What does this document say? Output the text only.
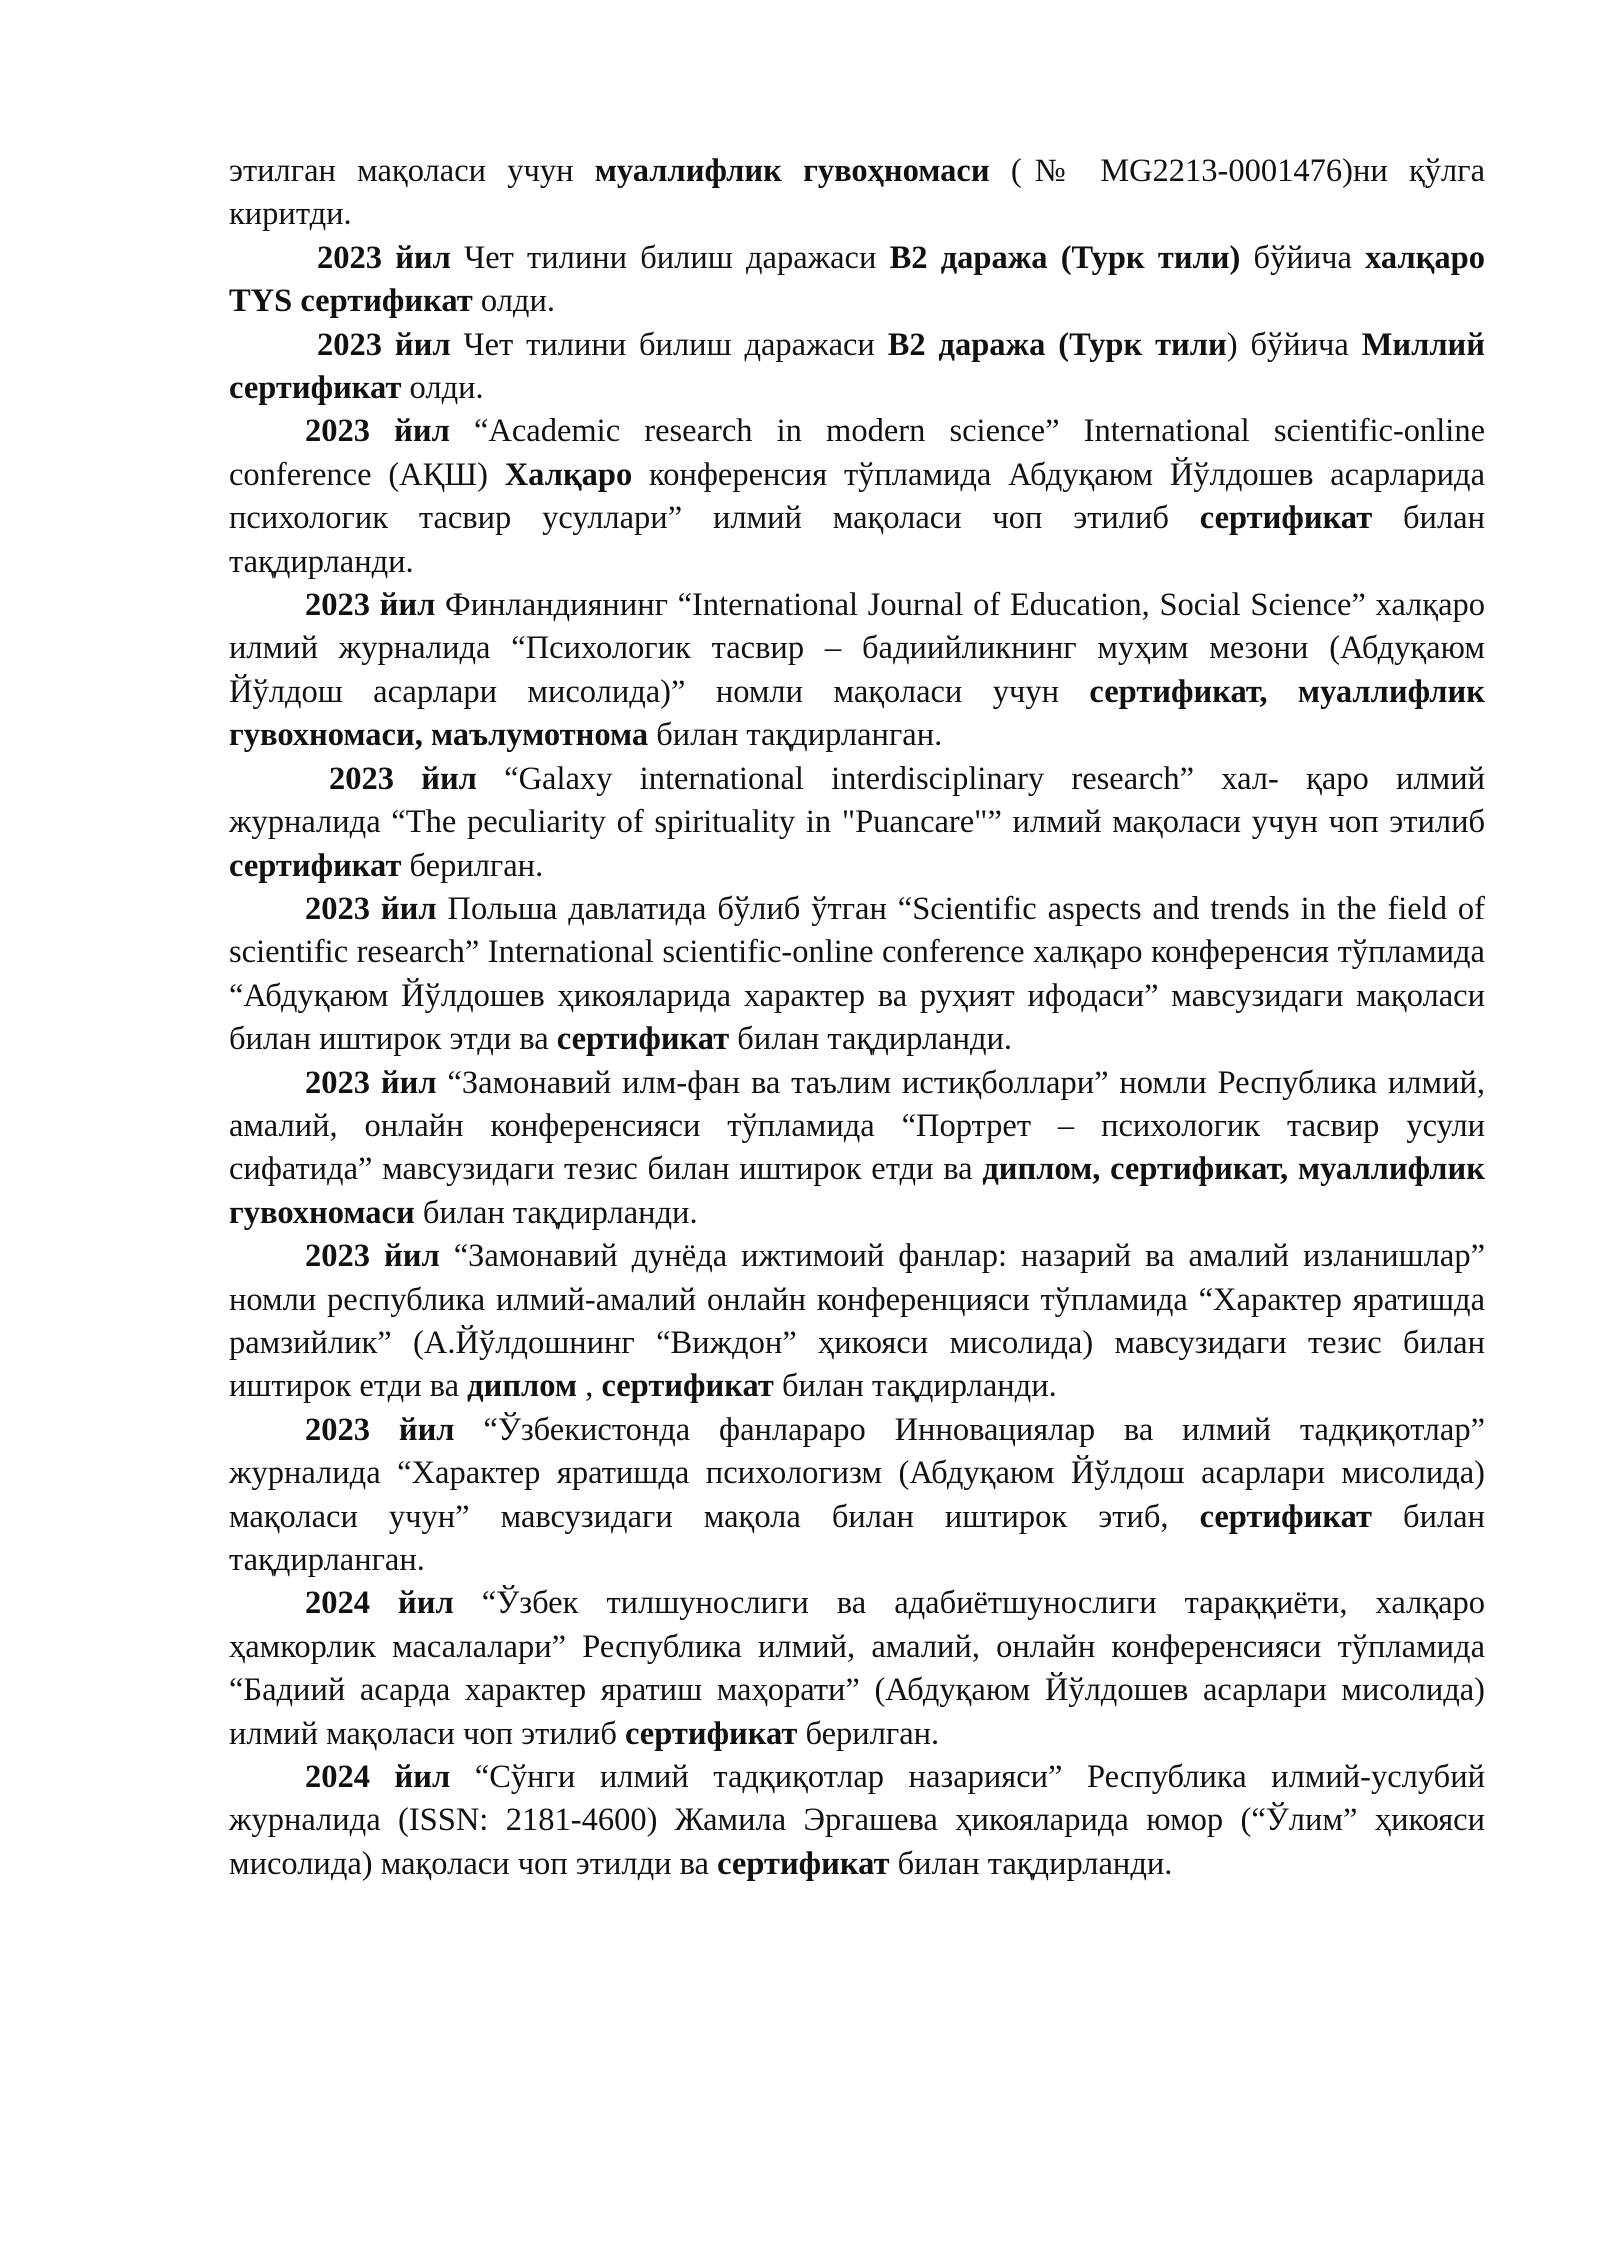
этилган мақоласи учун муаллифлик гувоҳномаси (№ MG2213-0001476)ни қўлга киритди.

2023 йил Чет тилини билиш даражаси В2 даража (Турк тили) бўйича халқаро TYS сертификат олди.

2023 йил Чет тилини билиш даражаси В2 даража (Турк тили) бўйича Миллий сертификат олди.

2023 йил “Academic research in modern science” International scientific-online conference (АҚШ) Халқаро конференсия тўпламида Абдуқаюм Йўлдошев асарларида психологик тасвир усуллари” илмий мақоласи чоп этилиб сертификат билан тақдирланди.

2023 йил Финландиянинг “International Journal of Education, Social Science” халқаро илмий журналида “Психологик тасвир – бадиийликнинг муҳим мезони (Абдуқаюм Йўлдош асарлари мисолида)” номли мақоласи учун сертификат, муаллифлик гувохномаси, маълумотнома билан тақдирланган.

2023 йил “Galaxy international interdisciplinary research” хал- қаро илмий журналида “The peculiarity of spirituality in "Puancare"” илмий мақоласи учун чоп этилиб сертификат берилган.

2023 йил Польша давлатида бўлиб ўтган “Scientific aspects and trends in the field of scientific research” International scientific-online conference халқаро конференсия тўпламида “Абдуқаюм Йўлдошев ҳикояларида характер ва руҳият ифодаси” мавсузидаги мақоласи билан иштирок этди ва сертификат билан тақдирланди.

2023 йил “Замонавий илм-фан ва таълим истиқболлари” номли Республика илмий, амалий, онлайн конференсияси тўпламида “Портрет – психологик тасвир усули сифатида” мавсузидаги тезис билан иштирок етди ва диплом, сертификат, муаллифлик гувохномаси билан тақдирланди.

2023 йил “Замонавий дунёда ижтимоий фанлар: назарий ва амалий изланишлар” номли республика илмий-амалий онлайн конференцияси тўпламида “Характер яратишда рамзийлик” (А.Йўлдошнинг “Виждон” ҳикояси мисолида) мавсузидаги тезис билан иштирок етди ва диплом , сертификат билан тақдирланди.

2023 йил “Ўзбекистонда фанлараро Инновациялар ва илмий тадқиқотлар” журналида “Характер яратишда психологизм (Абдуқаюм Йўлдош асарлари мисолида) мақоласи учун” мавсузидаги мақола билан иштирок этиб, сертификат билан тақдирланган.

2024 йил “Ўзбек тилшунослиги ва адабиётшунослиги тараққиёти, халқаро ҳамкорлик масалалари” Республика илмий, амалий, онлайн конференсияси тўпламида “Бадиий асарда характер яратиш маҳорати” (Абдуқаюм Йўлдошев асарлари мисолида) илмий мақоласи чоп этилиб сертификат берилган.

2024 йил “Сўнги илмий тадқиқотлар назарияси” Республика илмий-услубий журналида (ISSN: 2181-4600) Жамила Эргашева ҳикояларида юмор (“Ўлим” ҳикояси мисолида) мақоласи чоп этилди ва сертификат билан тақдирланди.
